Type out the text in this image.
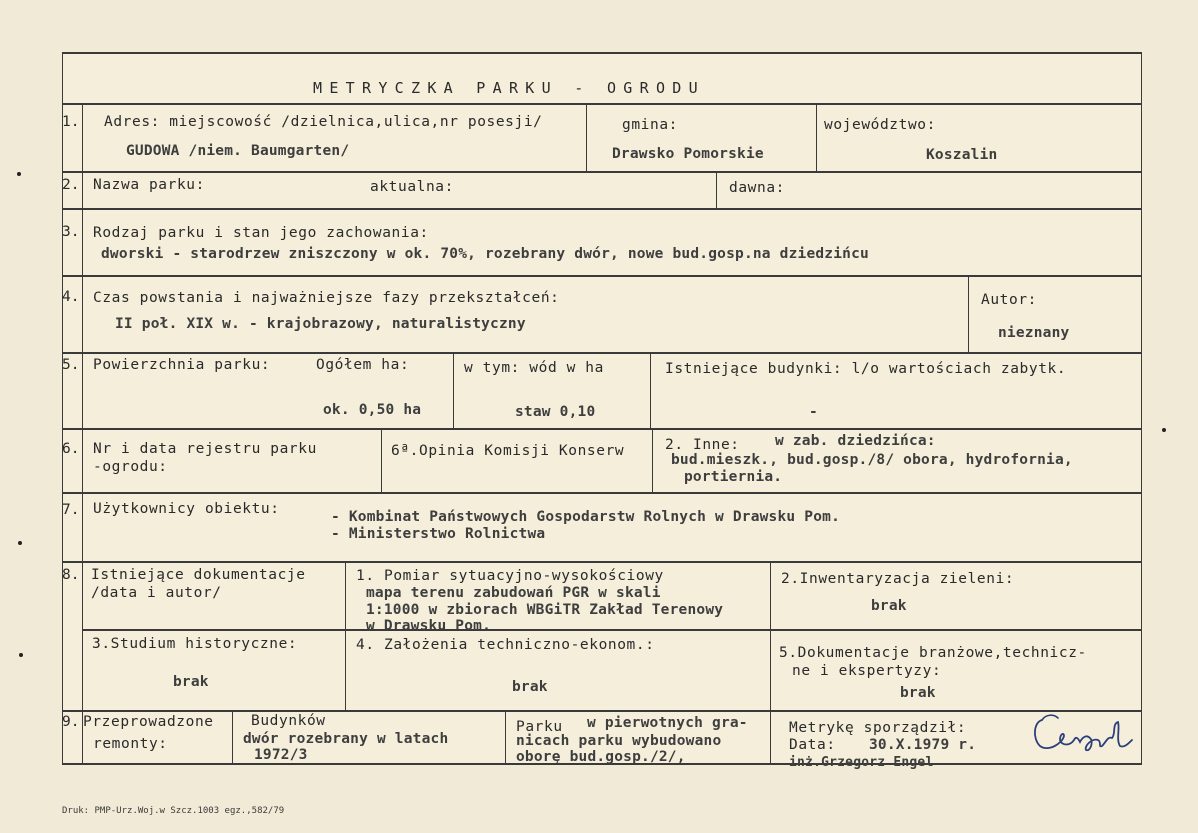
METRYCZKA PARKU - OGRODU
1. Adres: miejscowość /dzielnica,ulica,nr posesji/
GUDOWA /niem. Baumgarten/
gmina:
Drawsko Pomorskie
województwo:
Koszalin
2. Nazwa parku:	aktualna:	dawna:
3. Rodzaj parku i stan jego zachowania:
dworski - starodrzew zniszczony w ok. 70%, rozebrany dwór, nowe bud.gosp.na dziedzińcu
4. Czas powstania i najważniejsze fazy przekształceń:
II poł. XIX w. - krajobrazowy, naturalistyczny
Autor:
nieznany
5. Powierzchnia parku:	Ogółem ha:
ok. 0,50 ha
w tym: wód w ha
staw 0,10
Istniejące budynki: l/o wartościach zabytk.
-
6. Nr i data rejestru parku
-ogrodu:
6ª.Opinia Komisji Konserw	2. Inne: w zab. dziedzińca:
bud.mieszk., bud.gosp./8/ obora, hydrofornia,
portiernia.
7. Użytkownicy obiektu:	- Kombinat Państwowych Gospodarstw Rolnych w Drawsku Pom.
- Ministerstwo Rolnictwa
8. Istniejące dokumentacje
/data i autor/
1. Pomiar sytuacyjno-wysokościowy
mapa terenu zabudowań PGR w skali
1:1000 w zbiorach WBGiTR Zakład Terenowy
w Drawsku Pom.
2.Inwentaryzacja zieleni:
brak
3.Studium historyczne:
brak
4. Założenia techniczno-ekonom.:
brak
5.Dokumentacje branżowe,technicz-
ne i ekspertyzy:
brak
9. Przeprowadzone
remonty:
Budynków
dwór rozebrany w latach
1972/3
Parku w pierwotnych gra-
nicach parku wybudowano
oborę bud.gosp./2/,
Metrykę sporządził:
Data: 30.X.1979 r.
inż.Grzegorz Engel
Druk: PMP-Urz.Woj.w Szcz.1003 egz.,582/79
